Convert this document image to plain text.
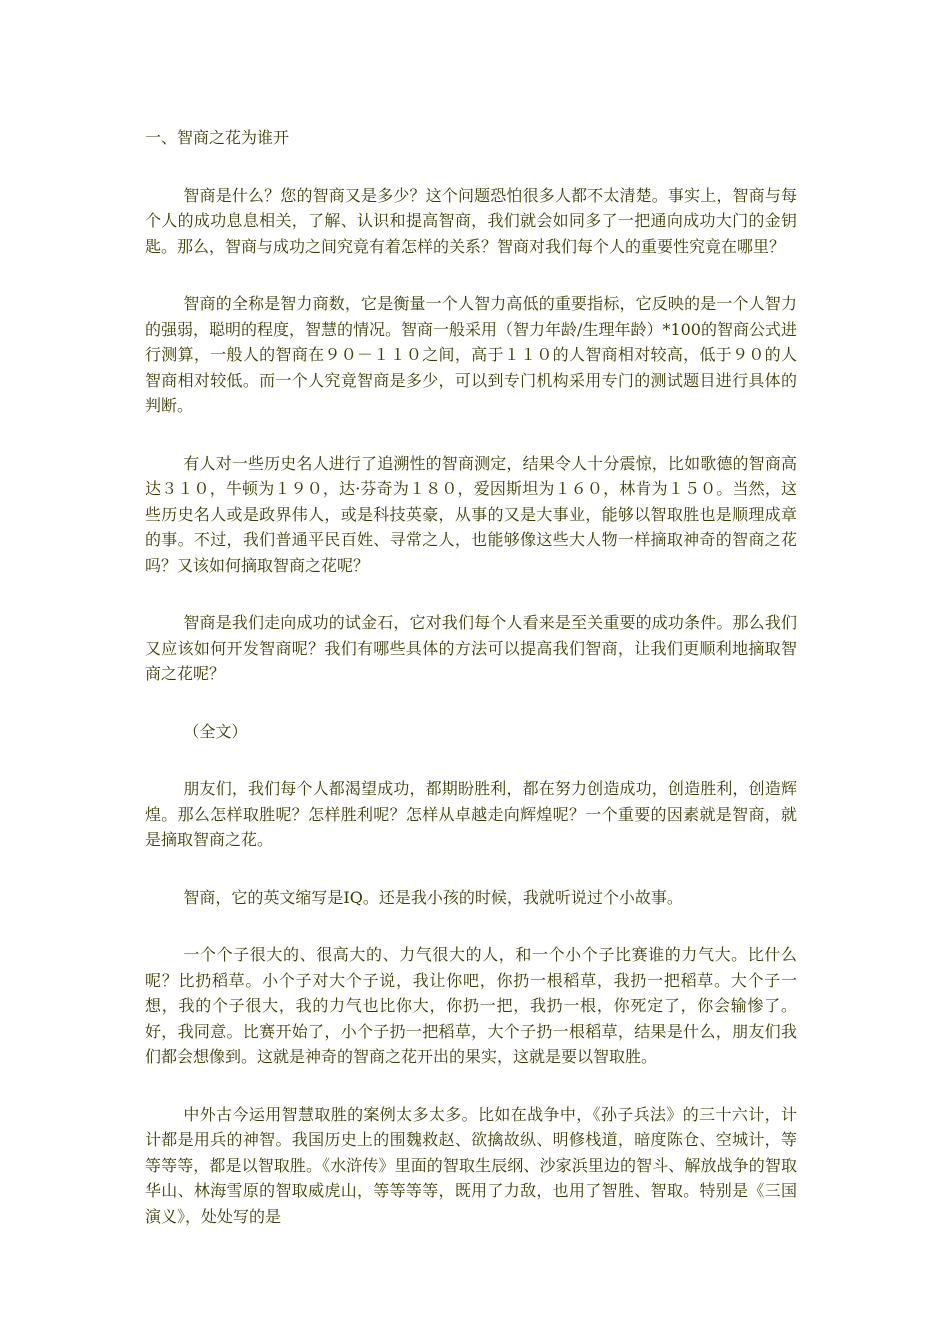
一、智商之花为谁开

智商是什么？您的智商又是多少？这个问题恐怕很多人都不太清楚。事实上，智商与每个人的成功息息相关，了解、认识和提高智商，我们就会如同多了一把通向成功大门的金钥匙。那么，智商与成功之间究竟有着怎样的关系？智商对我们每个人的重要性究竟在哪里？

智商的全称是智力商数，它是衡量一个人智力高低的重要指标，它反映的是一个人智力的强弱，聪明的程度，智慧的情况。智商一般采用（智力年龄/生理年龄）*100的智商公式进行测算，一般人的智商在９０－１１０之间，高于１１０的人智商相对较高，低于９０的人智商相对较低。而一个人究竟智商是多少，可以到专门机构采用专门的测试题目进行具体的判断。

有人对一些历史名人进行了追溯性的智商测定，结果令人十分震惊，比如歌德的智商高达３１０，牛顿为１９０，达·芬奇为１８０，爱因斯坦为１６０，林肯为１５０。当然，这些历史名人或是政界伟人，或是科技英豪，从事的又是大事业，能够以智取胜也是顺理成章的事。不过，我们普通平民百姓、寻常之人，也能够像这些大人物一样摘取神奇的智商之花吗？又该如何摘取智商之花呢？

智商是我们走向成功的试金石，它对我们每个人看来是至关重要的成功条件。那么我们又应该如何开发智商呢？我们有哪些具体的方法可以提高我们智商，让我们更顺利地摘取智商之花呢？

（全文）

朋友们，我们每个人都渴望成功，都期盼胜利，都在努力创造成功，创造胜利，创造辉煌。那么怎样取胜呢？怎样胜利呢？怎样从卓越走向辉煌呢？一个重要的因素就是智商，就是摘取智商之花。

智商，它的英文缩写是IQ。还是我小孩的时候，我就听说过个小故事。

一个个子很大的、很高大的、力气很大的人，和一个小个子比赛谁的力气大。比什么呢？比扔稻草。小个子对大个子说，我让你吧，你扔一根稻草，我扔一把稻草。大个子一想，我的个子很大，我的力气也比你大，你扔一把，我扔一根，你死定了，你会输惨了。好，我同意。比赛开始了，小个子扔一把稻草，大个子扔一根稻草，结果是什么，朋友们我们都会想像到。这就是神奇的智商之花开出的果实，这就是要以智取胜。

中外古今运用智慧取胜的案例太多太多。比如在战争中，《孙子兵法》的三十六计，计计都是用兵的神智。我国历史上的围魏救赵、欲擒故纵、明修栈道，暗度陈仓、空城计，等等等等，都是以智取胜。《水浒传》里面的智取生辰纲、沙家浜里边的智斗、解放战争的智取华山、林海雪原的智取威虎山，等等等等，既用了力敌，也用了智胜、智取。特别是《三国演义》，处处写的是
